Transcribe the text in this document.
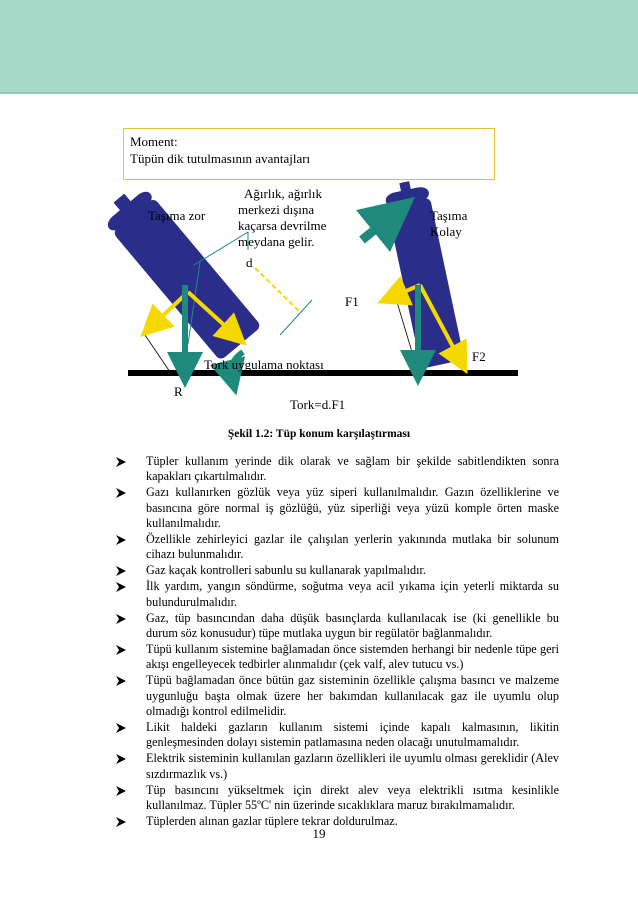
Moment:
Tüpün dik tutulmasının avantajları
Taşıma zor
Ağırlık, ağırlık
merkezi dışına
kaçarsa devrilme
meydana gelir.
d
Taşıma
Kolay
F1
F2
Tork uygulama noktası
R
Tork=d.F1
Şekil 1.2: Tüp konum karşılaştırması
Tüpler kullanım yerinde dik olarak ve sağlam bir şekilde sabitlendikten sonra kapakları çıkartılmalıdır.
Gazı kullanırken gözlük veya yüz siperi kullanılmalıdır. Gazın özelliklerine ve basıncına göre normal iş gözlüğü, yüz siperliği veya yüzü komple örten maske kullanılmalıdır.
Özellikle zehirleyici gazlar ile çalışılan yerlerin yakınında mutlaka bir solunum cihazı bulunmalıdır.
Gaz kaçak kontrolleri sabunlu su kullanarak yapılmalıdır.
İlk yardım, yangın söndürme, soğutma veya acil yıkama için yeterli miktarda su bulundurulmalıdır.
Gaz, tüp basıncından daha düşük basınçlarda kullanılacak ise (ki genellikle bu durum söz konusudur) tüpe mutlaka uygun bir regülatör bağlanmalıdır.
Tüpü kullanım sistemine bağlamadan önce sistemden herhangi bir nedenle tüpe geri akışı engelleyecek tedbirler alınmalıdır (çek valf, alev tutucu vs.)
Tüpü bağlamadan önce bütün gaz sisteminin özellikle çalışma basıncı ve malzeme uygunluğu başta olmak üzere her bakımdan kullanılacak gaz ile uyumlu olup olmadığı kontrol edilmelidir.
Likit haldeki gazların kullanım sistemi içinde kapalı kalmasının, likitin genleşmesinden dolayı sistemin patlamasına neden olacağı unutulmamalıdır.
Elektrik sisteminin kullanılan gazların özellikleri ile uyumlu olması gereklidir (Alev sızdırmazlık vs.)
Tüp basıncını yükseltmek için direkt alev veya elektrikli ısıtma kesinlikle kullanılmaz. Tüpler 55ºC' nin üzerinde sıcaklıklara maruz bırakılmamalıdır.
Tüplerden alınan gazlar tüplere tekrar doldurulmaz.
19
